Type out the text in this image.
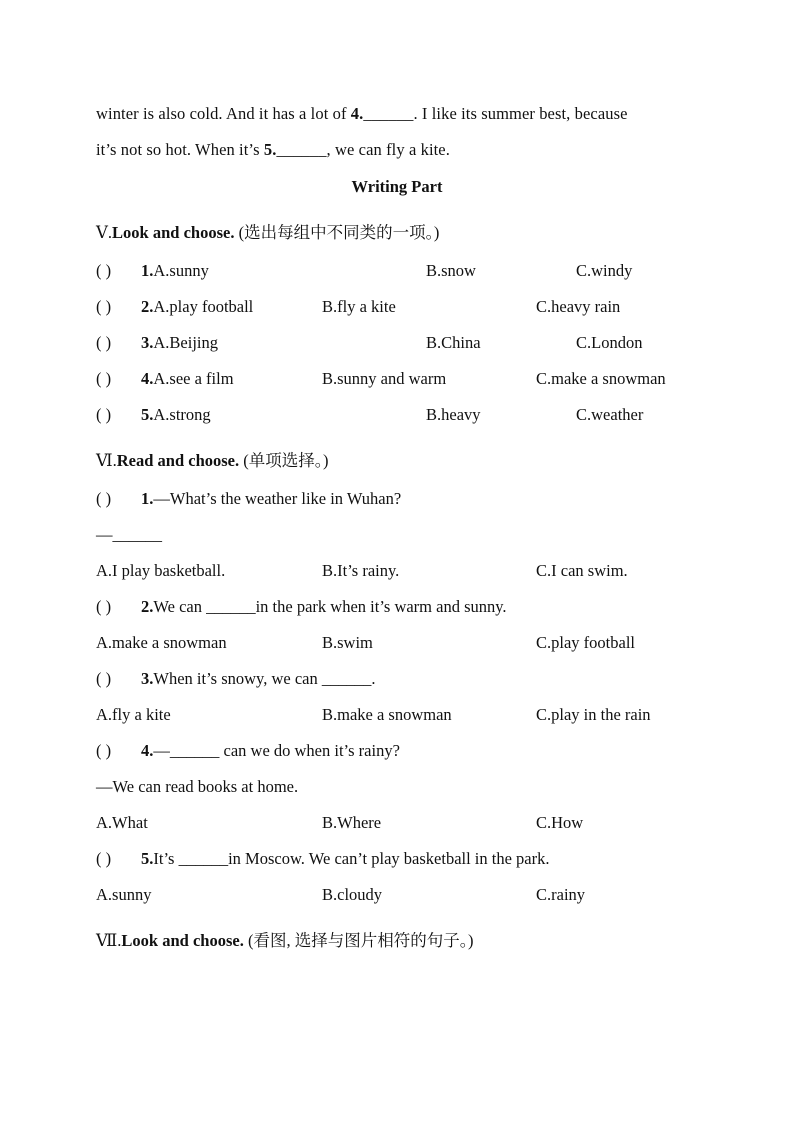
winter is also cold. And it has a lot of 4.______. I like its summer best, because
it’s not so hot. When it’s 5.______, we can fly a kite.
Writing Part
Ⅴ.Look and choose. (选出每组中不同类的一项。)
( ) 1.A.sunny	B.snow	C.windy
( ) 2.A.play football	B.fly a kite	C.heavy rain
( ) 3.A.Beijing	B.China	C.London
( ) 4.A.see a film	B.sunny and warm	C.make a snowman
( ) 5.A.strong	B.heavy	C.weather
Ⅵ.Read and choose. (单项选择。)
( ) 1.—What’s the weather like in Wuhan?
—______
A.I play basketball.	B.It’s rainy.	C.I can swim.
( ) 2.We can ______in the park when it’s warm and sunny.
A.make a snowman	B.swim	C.play football
( ) 3.When it’s snowy, we can ______.
A.fly a kite	B.make a snowman	C.play in the rain
( ) 4.—______ can we do when it’s rainy?
—We can read books at home.
A.What	B.Where	C.How
( ) 5.It’s ______in Moscow. We can’t play basketball in the park.
A.sunny	B.cloudy	C.rainy
Ⅶ.Look and choose. (看图, 选择与图片相符的句子。)
